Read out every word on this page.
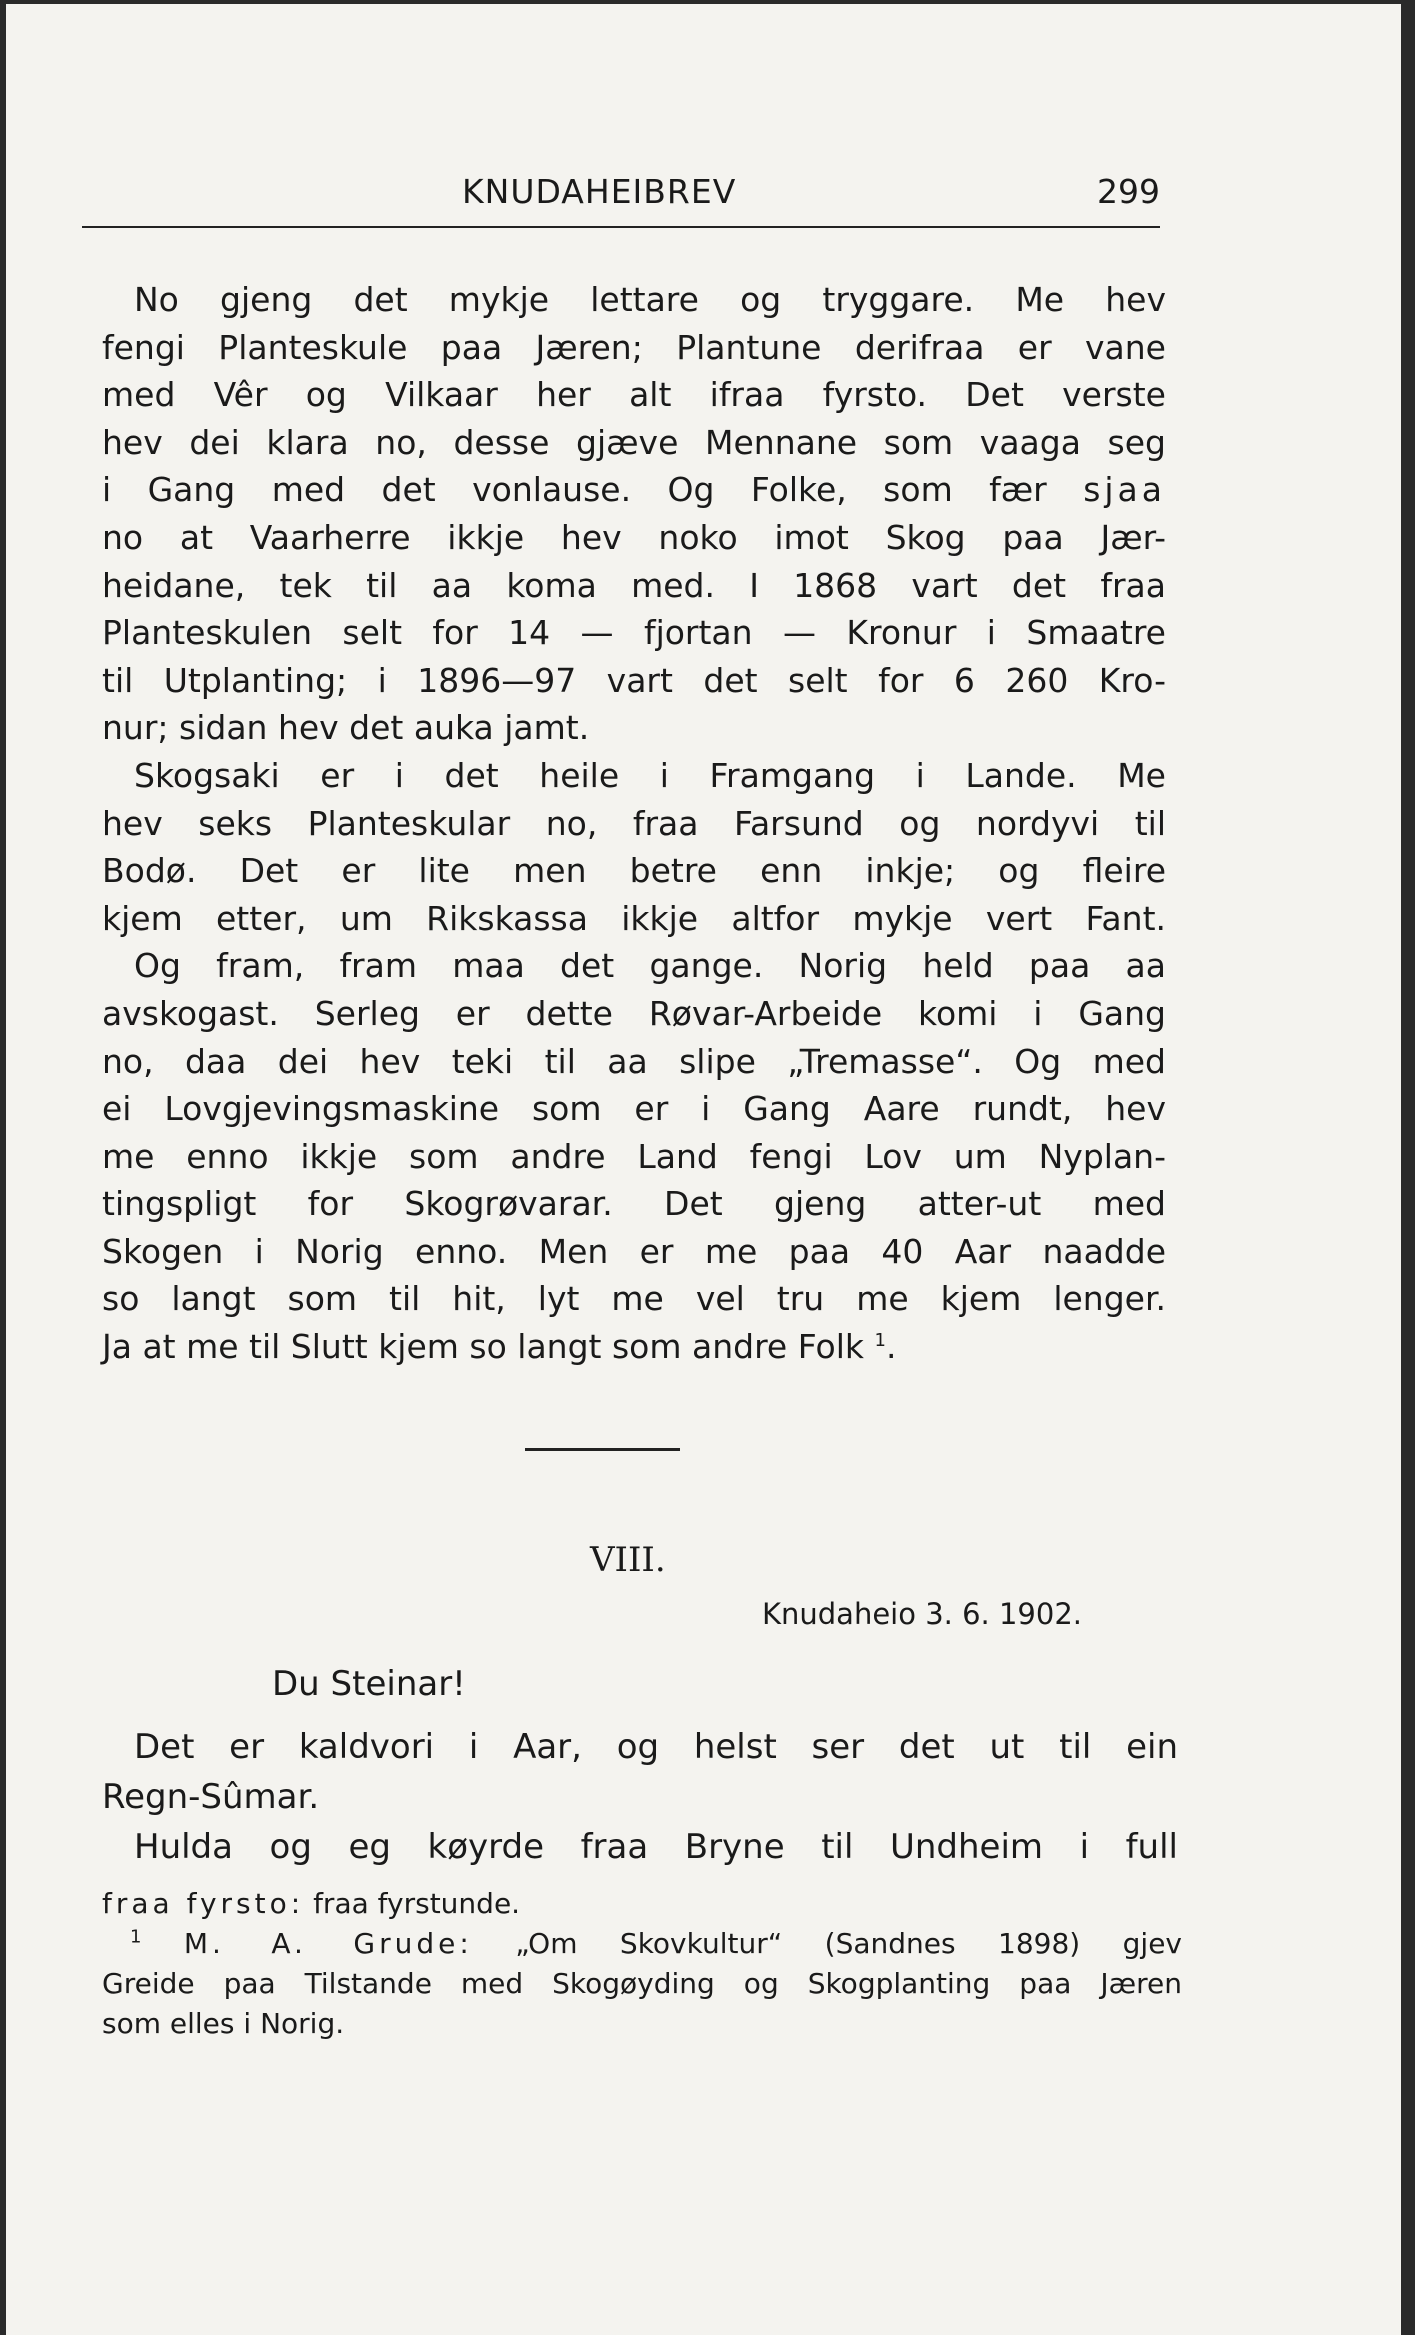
KNUDAHEIBREV	299
No gjeng det mykje lettare og tryggare. Me hev
fengi Planteskule paa Jæren; Plantune derifraa er vane
med Vêr og Vilkaar her alt ifraa fyrsto. Det verste
hev dei klara no, desse gjæve Mennane som vaaga seg
i Gang med det vonlause. Og Folke, som fær sjaa
no at Vaarherre ikkje hev noko imot Skog paa Jær-
heidane, tek til aa koma med. I 1868 vart det fraa
Planteskulen selt for 14 — fjortan — Kronur i Smaatre
til Utplanting; i 1896—97 vart det selt for 6 260 Kro-
nur; sidan hev det auka jamt.
Skogsaki er i det heile i Framgang i Lande. Me
hev seks Planteskular no, fraa Farsund og nordyvi til
Bodø. Det er lite men betre enn inkje; og fleire
kjem etter, um Rikskassa ikkje altfor mykje vert Fant.
Og fram, fram maa det gange. Norig held paa aa
avskogast. Serleg er dette Røvar-Arbeide komi i Gang
no, daa dei hev teki til aa slipe „Tremasse“. Og med
ei Lovgjevingsmaskine som er i Gang Aare rundt, hev
me enno ikkje som andre Land fengi Lov um Nyplan-
tingspligt for Skogrøvarar. Det gjeng atter-ut med
Skogen i Norig enno. Men er me paa 40 Aar naadde
so langt som til hit, lyt me vel tru me kjem lenger.
Ja at me til Slutt kjem so langt som andre Folk $^1$.
VIII.
Knudaheio 3. 6. 1902.
Du Steinar!
Det er kaldvori i Aar, og helst ser det ut til ein
Regn-Sûmar.
Hulda og eg køyrde fraa Bryne til Undheim i full
fraa fyrsto: fraa fyrstunde.
$^1$ M. A. Grude: „Om Skovkultur“ (Sandnes 1898) gjev
Greide paa Tilstande med Skogøyding og Skogplanting paa Jæren
som elles i Norig.
